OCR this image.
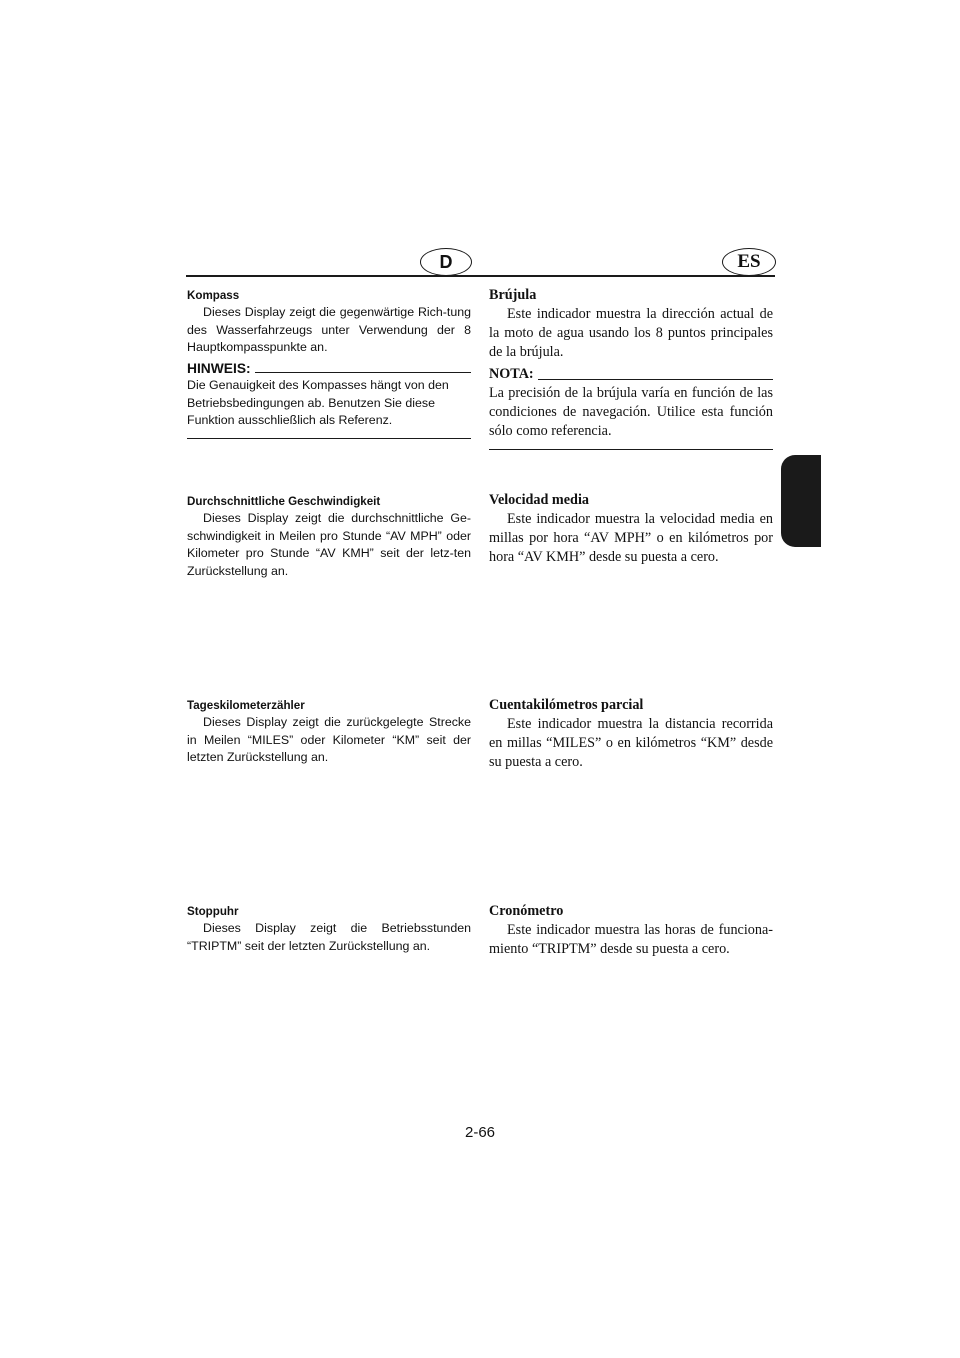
D	ES

Kompass

Dieses Display zeigt die gegenwärtige Rich-tung des Wasserfahrzeugs unter Verwendung der 8 Hauptkompasspunkte an.

HINWEIS:

Die Genauigkeit des Kompasses hängt von den Betriebsbedingungen ab. Benutzen Sie diese Funktion ausschließlich als Referenz.

Durchschnittliche Geschwindigkeit

Dieses Display zeigt die durchschnittliche Ge-schwindigkeit in Meilen pro Stunde “AV MPH” oder Kilometer pro Stunde “AV KMH” seit der letz-ten Zurückstellung an.

Tageskilometerzähler

Dieses Display zeigt die zurückgelegte Strecke in Meilen “MILES” oder Kilometer “KM” seit der letzten Zurückstellung an.

Stoppuhr

Dieses Display zeigt die Betriebsstunden “TRIPTM” seit der letzten Zurückstellung an.

Brújula

Este indicador muestra la dirección actual de la moto de agua usando los 8 puntos principales de la brújula.

NOTA:

La precisión de la brújula varía en función de las condiciones de navegación. Utilice esta función sólo como referencia.

Velocidad media

Este indicador muestra la velocidad media en millas por hora “AV MPH” o en kilómetros por hora “AV KMH” desde su puesta a cero.

Cuentakilómetros parcial

Este indicador muestra la distancia recorrida en millas “MILES” o en kilómetros “KM” desde su puesta a cero.

Cronómetro

Este indicador muestra las horas de funciona-miento “TRIPTM” desde su puesta a cero.

2-66
